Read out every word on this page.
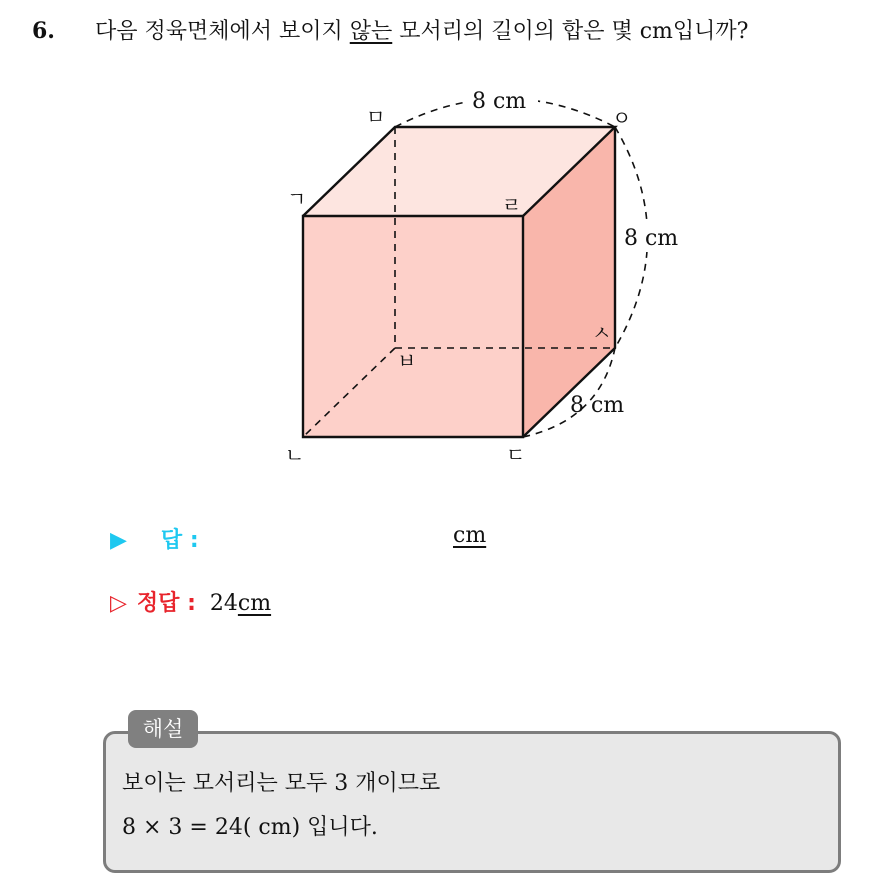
6. 다음 정육면체에서 보이지 않는 모서리의 길이의 합은 몇 cm입니까?
ㄱ
ㄴ	ㄷ
ㄹ
ㅁ
ㅂ
ㅅ
ㅇ
8 cm
8 cm
8 cm
▶ 답 :	cm
▷ 정답 : 24cm
해설
보이는 모서리는 모두 3 개이므로
8 × 3 = 24( cm) 입니다.
